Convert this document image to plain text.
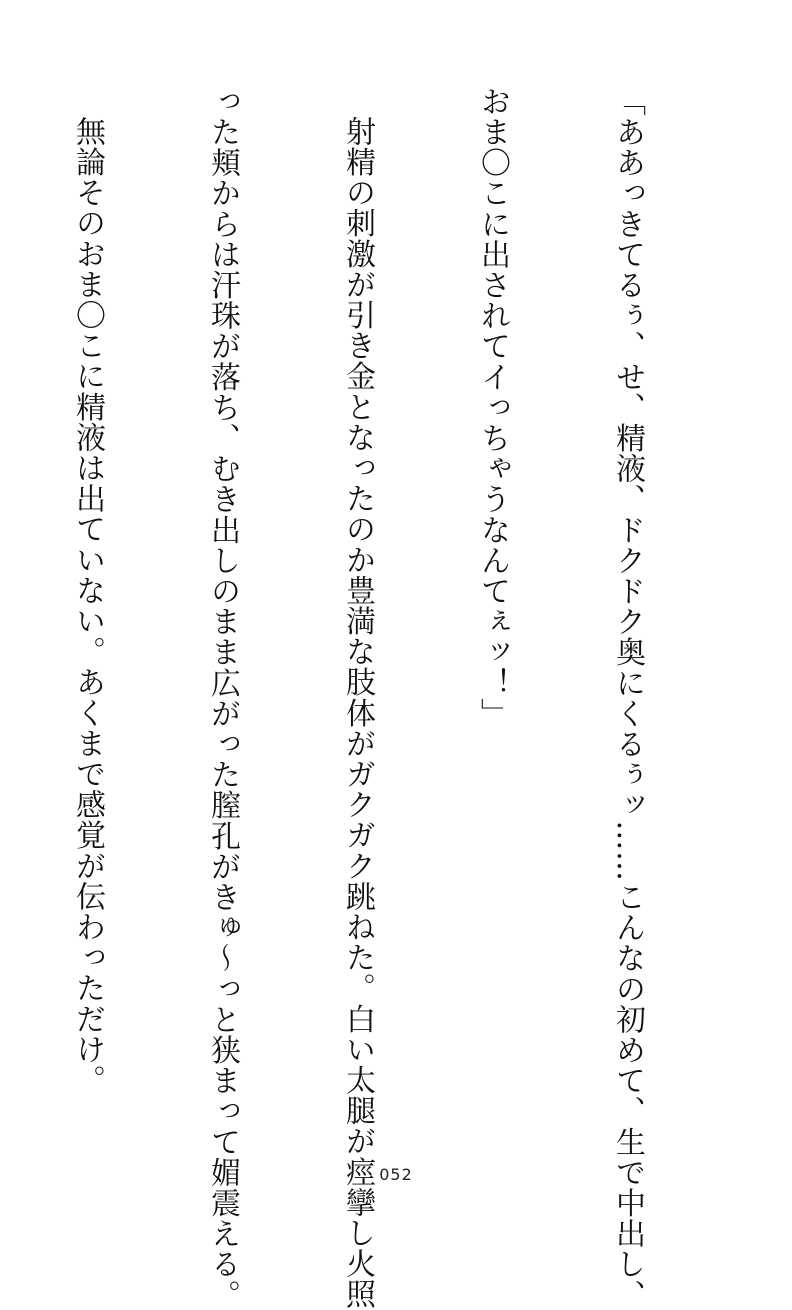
「ああっきてるぅ、せ、精液、ドクドク奥にくるぅッ……こんなの初めて、生で中出し、

おま〇こに出されてイっちゃうなんてぇッ！」

射精の刺激が引き金となったのか豊満な肢体がガクガク跳ねた。白い太腿が痙攣し火照

った頬からは汗珠が落ち、むき出しのまま広がった膣孔がきゅ〜っと狭まって媚震える。

無論そのおま〇こに精液は出ていない。あくまで感覚が伝わっただけ。

052
